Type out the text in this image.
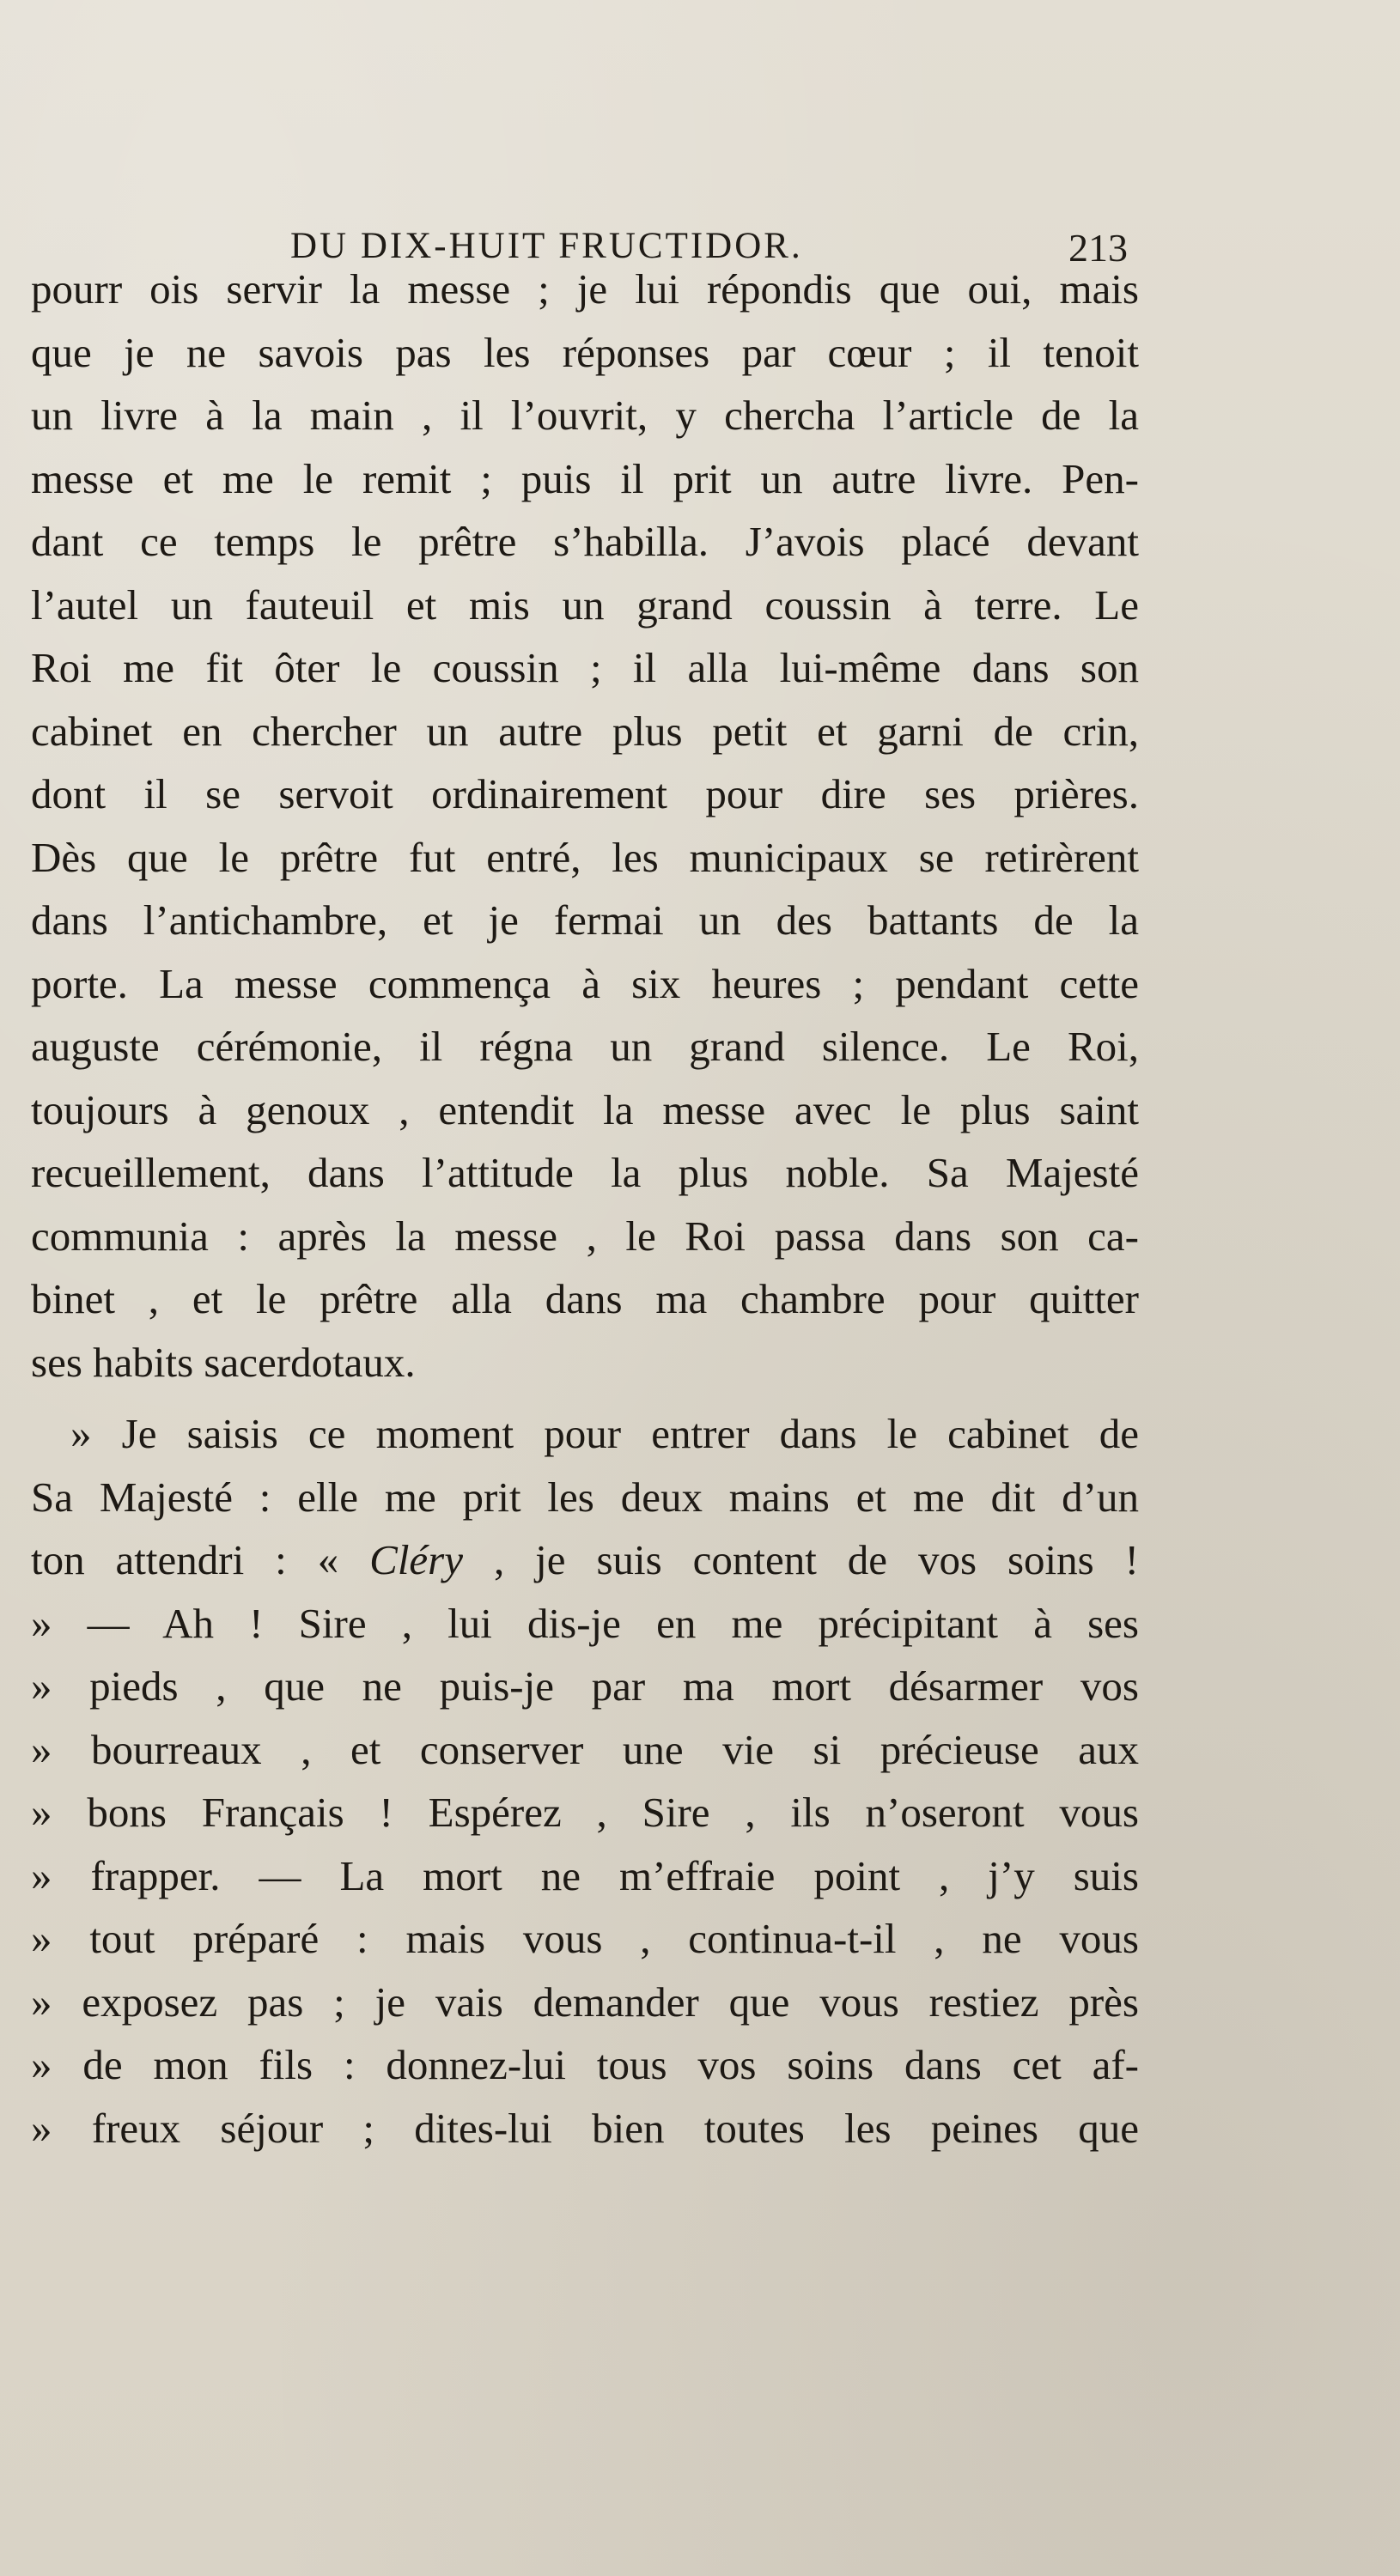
DU DIX-HUIT FRUCTIDOR.	213
pourr ois servir la messe ; je lui répondis que oui, mais
que je ne savois pas les réponses par cœur ; il tenoit
un livre à la main , il l’ouvrit, y chercha l’article de la
messe et me le remit ; puis il prit un autre livre. Pen-
dant ce temps le prêtre s’habilla. J’avois placé devant
l’autel un fauteuil et mis un grand coussin à terre. Le
Roi me fit ôter le coussin ; il alla lui-même dans son
cabinet en chercher un autre plus petit et garni de crin,
dont il se servoit ordinairement pour dire ses prières.
Dès que le prêtre fut entré, les municipaux se retirèrent
dans l’antichambre, et je fermai un des battants de la
porte. La messe commença à six heures ; pendant cette
auguste cérémonie, il régna un grand silence. Le Roi,
toujours à genoux , entendit la messe avec le plus saint
recueillement, dans l’attitude la plus noble. Sa Majesté
communia : après la messe , le Roi passa dans son ca-
binet , et le prêtre alla dans ma chambre pour quitter
ses habits sacerdotaux.
» Je saisis ce moment pour entrer dans le cabinet de
Sa Majesté : elle me prit les deux mains et me dit d’un
ton attendri : « Cléry , je suis content de vos soins !
» — Ah ! Sire , lui dis-je en me précipitant à ses
» pieds , que ne puis-je par ma mort désarmer vos
» bourreaux , et conserver une vie si précieuse aux
» bons Français ! Espérez , Sire , ils n’oseront vous
» frapper. — La mort ne m’effraie point , j’y suis
» tout préparé : mais vous , continua-t-il , ne vous
» exposez pas ; je vais demander que vous restiez près
» de mon fils : donnez-lui tous vos soins dans cet af-
» freux séjour ; dites-lui bien toutes les peines que
